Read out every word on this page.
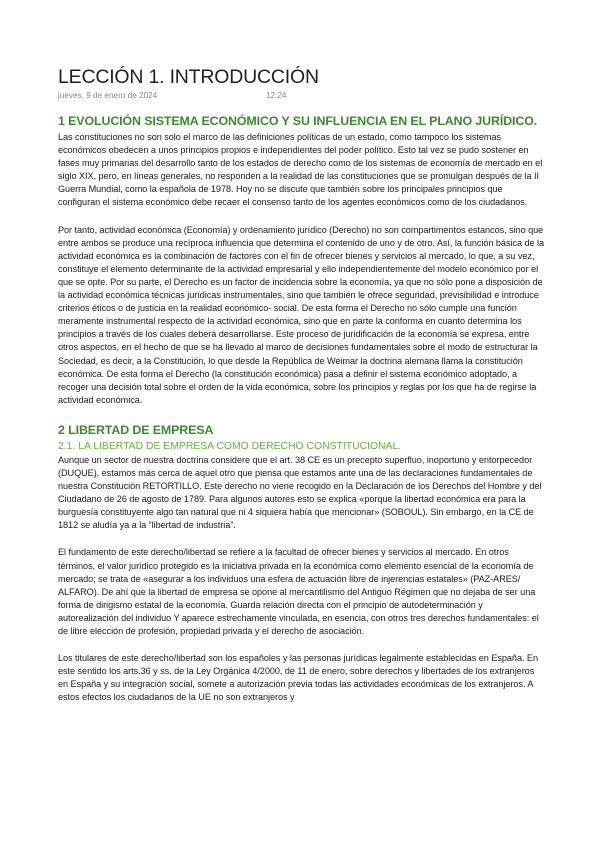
LECCIÓN 1. INTRODUCCIÓN
jueves, 9 de enero de 2024	12:24
1 EVOLUCIÓN SISTEMA ECONÓMICO Y SU INFLUENCIA EN EL PLANO JURÍDICO.

Las constituciones no son solo el marco de las definiciones políticas de un estado, como tampoco los sistemas económicos obedecen a unos principios propios e independientes del poder político. Esto tal vez se pudo sostener en fases muy primarias del desarrollo tanto de los estados de derecho como de los sistemas de economía de mercado en el siglo XIX, pero, en líneas generales, no responden a la realidad de las constituciones que se promulgan después de la II Guerra Mundial, como la española de 1978. Hoy no se discute que también sobre los principales principios que configuran el sistema económico debe recaer el consenso tanto de los agentes económicos como de los ciudadanos.

Por tanto, actividad económica (Economía) y ordenamiento jurídico (Derecho) no son compartimentos estancos, sino que entre ambos se produce una recíproca influencia que determina el contenido de uno y de otro. Así, la función básica de la actividad económica es la combinación de factores con el fin de ofrecer bienes y servicios al mercado, lo que, a su vez, constituye el elemento determinante de la actividad empresarial y ello independientemente del modelo económico por el que se opte. Por su parte, el Derecho es un factor de incidencia sobre la economía, ya que no sólo pone a disposición de la actividad económica técnicas jurídicas instrumentales, sino que también le ofrece seguridad, previsibilidad e introduce criterios éticos o de justicia en la realidad económico- social. De esta forma el Derecho no sólo cumple una función meramente instrumental respecto de la actividad económica, sino que en parte la conforma en cuanto determina los principios a través de los cuales deberá desarrollarse. Este proceso de juridificación de la economía se expresa, entre otros aspectos, en el hecho de que se ha llevado al marco de decisiones fundamentales sobre el modo de estructurar la Sociedad, es decir, a la Constitución, lo que desde la República de Weimar la doctrina alemana llama la constitución económica. De esta forma el Derecho (la constitución económica) pasa a definir el sistema económico adoptado, a recoger una decisión total sobre el orden de la vida económica, sobre los principios y reglas por los que ha de regirse la actividad económica.

2 LIBERTAD DE EMPRESA
2.1. LA LIBERTAD DE EMPRESA COMO DERECHO CONSTITUCIONAL.

Aunque un sector de nuestra doctrina considere que el art. 38 CE es un precepto superfluo, inoportuno y entorpecedor (DUQUE), estamos más cerca de aquel otro que piensa que estamos ante una de las declaraciones fundamentales de nuestra Constitución RETORTILLO. Este derecho no viene recogido en la Declaración de los Derechos del Hombre y del Ciudadano de 26 de agosto de 1789. Para algunos autores esto se explica «porque la libertad económica era para la burguesía constituyente algo tan natural que ni 4 siquiera había que mencionar» (SOBOUL). Sin embargo, en la CE de 1812 se aludía ya a la “libertad de industria”.

El fundamento de este derecho/libertad se refiere a la facultad de ofrecer bienes y servicios al mercado. En otros términos, el valor jurídico protegido es la iniciativa privada en la económica como elemento esencial de la economía de mercado; se trata de «asegurar a los individuos una esfera de actuación libre de injerencias estatales» (PAZ-ARES/ ALFARO). De ahí que la libertad de empresa se opone al mercantilismo del Antiguo Régimen que no dejaba de ser una forma de dirigismo estatal de la economía. Guarda relación directa con el principio de autodeterminación y autorealización del individuo Y aparece estrechamente vinculada, en esencia, con otros tres derechos fundamentales: el de libre elección de profesión, propiedad privada y el derecho de asociación.

Los titulares de este derecho/libertad son los españoles y las personas jurídicas legalmente establecidas en España. En este sentido los arts.36 y ss. de la Ley Orgánica 4/2000, de 11 de enero, sobre derechos y libertades de los extranjeros en España y su integración social, somete a autorización previa todas las actividades económicas de los extranjeros. A estos efectos los ciudadanos de la UE no son extranjeros y
